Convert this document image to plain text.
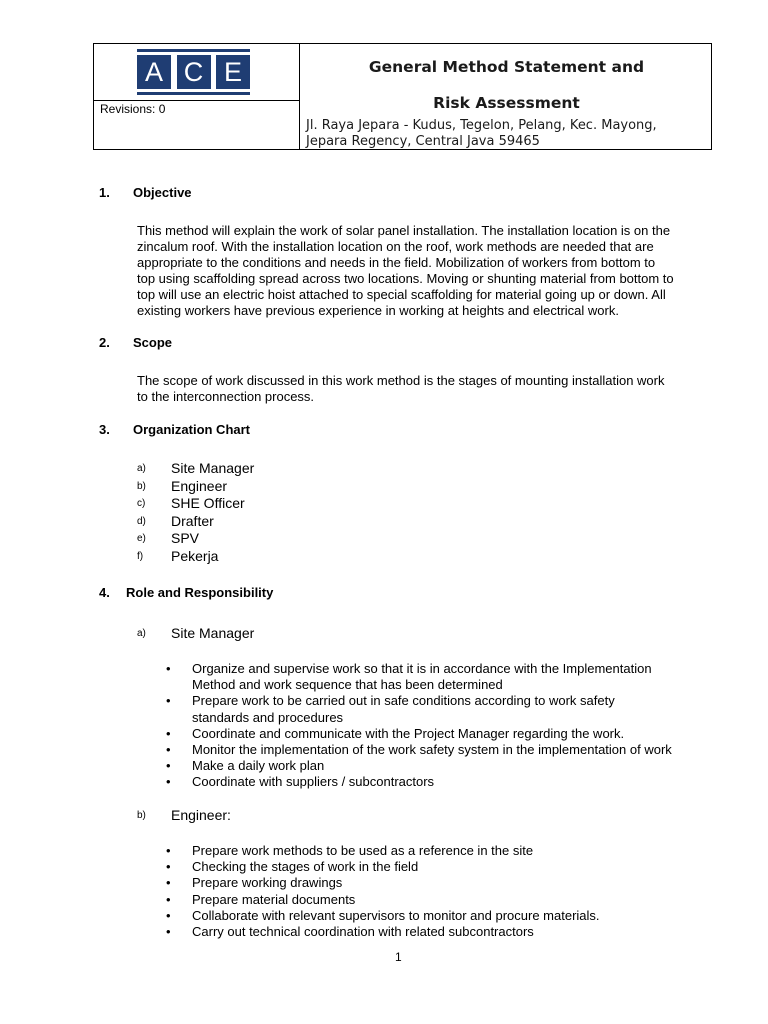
A C E
Revisions: 0
General Method Statement and
Risk Assessment
Jl. Raya Jepara - Kudus, Tegelon, Pelang, Kec. Mayong,
Jepara Regency, Central Java 59465
1. Objective
This method will explain the work of solar panel installation. The installation location is on the
zincalum roof. With the installation location on the roof, work methods are needed that are
appropriate to the conditions and needs in the field. Mobilization of workers from bottom to
top using scaffolding spread across two locations. Moving or shunting material from bottom to
top will use an electric hoist attached to special scaffolding for material going up or down. All
existing workers have previous experience in working at heights and electrical work.
2. Scope
The scope of work discussed in this work method is the stages of mounting installation work
to the interconnection process.
3. Organization Chart
a) Site Manager
b) Engineer
c) SHE Officer
d) Drafter
e) SPV
f) Pekerja
4. Role and Responsibility
a) Site Manager
• Organize and supervise work so that it is in accordance with the Implementation
Method and work sequence that has been determined
• Prepare work to be carried out in safe conditions according to work safety
standards and procedures
• Coordinate and communicate with the Project Manager regarding the work.
• Monitor the implementation of the work safety system in the implementation of work
• Make a daily work plan
• Coordinate with suppliers / subcontractors
b) Engineer:
• Prepare work methods to be used as a reference in the site
• Checking the stages of work in the field
• Prepare working drawings
• Prepare material documents
• Collaborate with relevant supervisors to monitor and procure materials.
• Carry out technical coordination with related subcontractors
1
